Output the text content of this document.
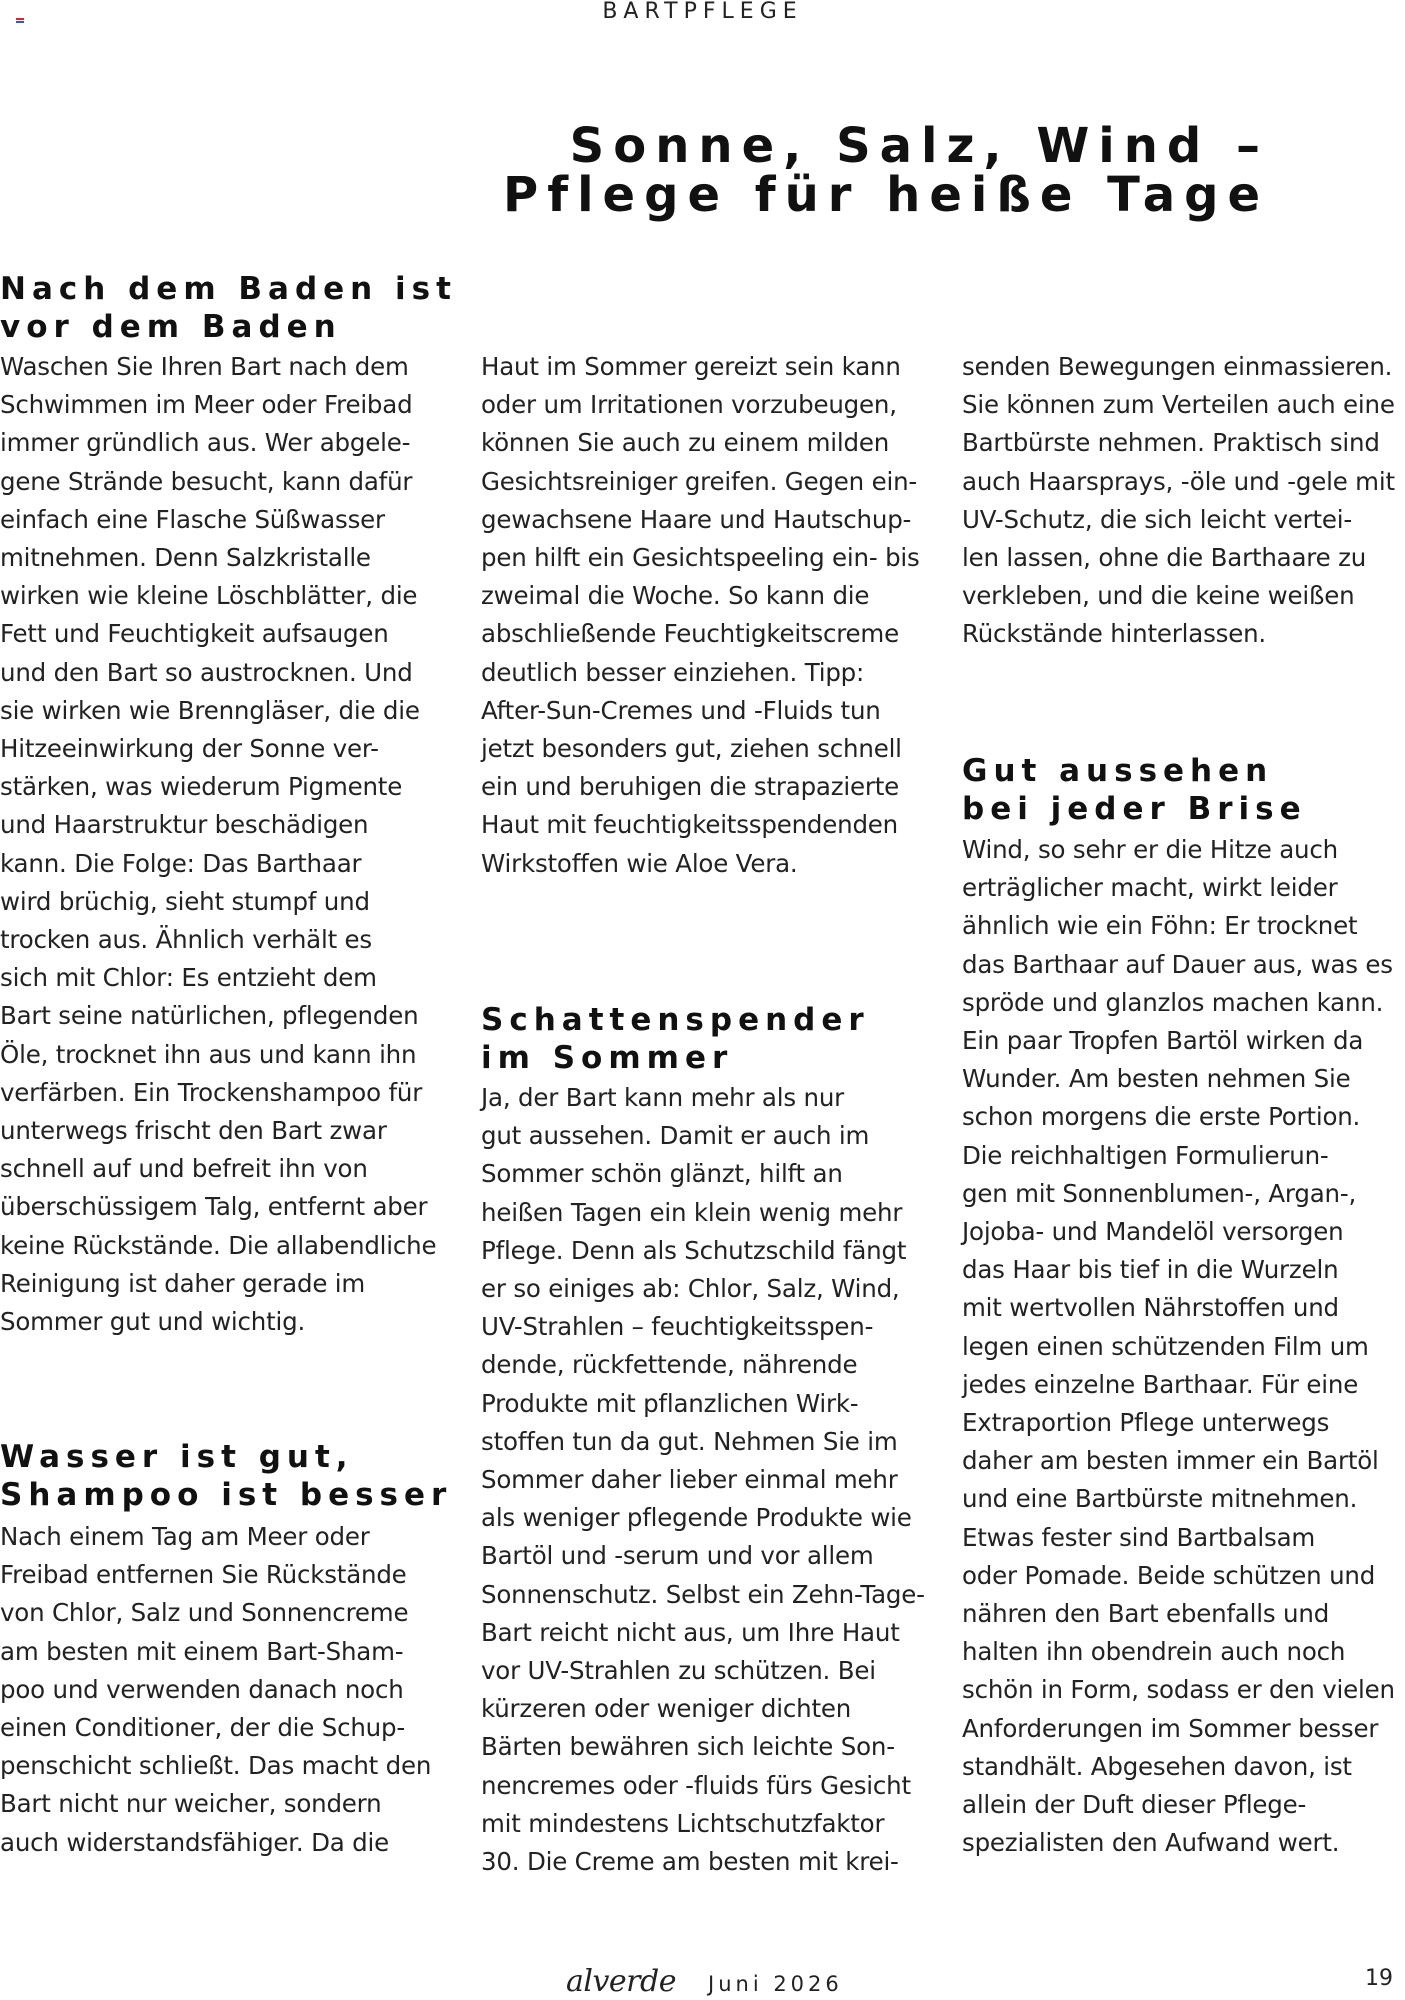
BARTPFLEGE
Sonne, Salz, Wind –
Pflege für heiße Tage
Nach dem Baden ist
vor dem Baden
Waschen Sie Ihren Bart nach dem
Schwimmen im Meer oder Freibad
immer gründlich aus. Wer abgele-
gene Strände besucht, kann dafür
einfach eine Flasche Süßwasser
mitnehmen. Denn Salzkristalle
wirken wie kleine Löschblätter, die
Fett und Feuchtigkeit aufsaugen
und den Bart so austrocknen. Und
sie wirken wie Brenngläser, die die
Hitzeeinwirkung der Sonne ver-
stärken, was wiederum Pigmente
und Haarstruktur beschädigen
kann. Die Folge: Das Barthaar
wird brüchig, sieht stumpf und
trocken aus. Ähnlich verhält es
sich mit Chlor: Es entzieht dem
Bart seine natürlichen, pflegenden
Öle, trocknet ihn aus und kann ihn
verfärben. Ein Trockenshampoo für
unterwegs frischt den Bart zwar
schnell auf und befreit ihn von
überschüssigem Talg, entfernt aber
keine Rückstände. Die allabendliche
Reinigung ist daher gerade im
Sommer gut und wichtig.
Wasser ist gut,
Shampoo ist besser
Nach einem Tag am Meer oder
Freibad entfernen Sie Rückstände
von Chlor, Salz und Sonnencreme
am besten mit einem Bart-Sham-
poo und verwenden danach noch
einen Conditioner, der die Schup-
penschicht schließt. Das macht den
Bart nicht nur weicher, sondern
auch widerstandsfähiger. Da die
Haut im Sommer gereizt sein kann
oder um Irritationen vorzubeugen,
können Sie auch zu einem milden
Gesichtsreiniger greifen. Gegen ein-
gewachsene Haare und Hautschup-
pen hilft ein Gesichtspeeling ein- bis
zweimal die Woche. So kann die
abschließende Feuchtigkeitscreme
deutlich besser einziehen. Tipp:
After-Sun-Cremes und -Fluids tun
jetzt besonders gut, ziehen schnell
ein und beruhigen die strapazierte
Haut mit feuchtigkeitsspendenden
Wirkstoffen wie Aloe Vera.
Schattenspender
im Sommer
Ja, der Bart kann mehr als nur
gut aussehen. Damit er auch im
Sommer schön glänzt, hilft an
heißen Tagen ein klein wenig mehr
Pflege. Denn als Schutzschild fängt
er so einiges ab: Chlor, Salz, Wind,
UV-Strahlen – feuchtigkeitsspen-
dende, rückfettende, nährende
Produkte mit pflanzlichen Wirk-
stoffen tun da gut. Nehmen Sie im
Sommer daher lieber einmal mehr
als weniger pflegende Produkte wie
Bartöl und -serum und vor allem
Sonnenschutz. Selbst ein Zehn-Tage-
Bart reicht nicht aus, um Ihre Haut
vor UV-Strahlen zu schützen. Bei
kürzeren oder weniger dichten
Bärten bewähren sich leichte Son-
nencremes oder -fluids fürs Gesicht
mit mindestens Lichtschutzfaktor
30. Die Creme am besten mit krei-
senden Bewegungen einmassieren.
Sie können zum Verteilen auch eine
Bartbürste nehmen. Praktisch sind
auch Haarsprays, -öle und -gele mit
UV-Schutz, die sich leicht vertei-
len lassen, ohne die Barthaare zu
verkleben, und die keine weißen
Rückstände hinterlassen.
Gut aussehen
bei jeder Brise
Wind, so sehr er die Hitze auch
erträglicher macht, wirkt leider
ähnlich wie ein Föhn: Er trocknet
das Barthaar auf Dauer aus, was es
spröde und glanzlos machen kann.
Ein paar Tropfen Bartöl wirken da
Wunder. Am besten nehmen Sie
schon morgens die erste Portion.
Die reichhaltigen Formulierun-
gen mit Sonnenblumen-, Argan-,
Jojoba- und Mandelöl versorgen
das Haar bis tief in die Wurzeln
mit wertvollen Nährstoffen und
legen einen schützenden Film um
jedes einzelne Barthaar. Für eine
Extraportion Pflege unterwegs
daher am besten immer ein Bartöl
und eine Bartbürste mitnehmen.
Etwas fester sind Bartbalsam
oder Pomade. Beide schützen und
nähren den Bart ebenfalls und
halten ihn obendrein auch noch
schön in Form, sodass er den vielen
Anforderungen im Sommer besser
standhält. Abgesehen davon, ist
allein der Duft dieser Pflege-
spezialisten den Aufwand wert.
alverde Juni 2026	19
